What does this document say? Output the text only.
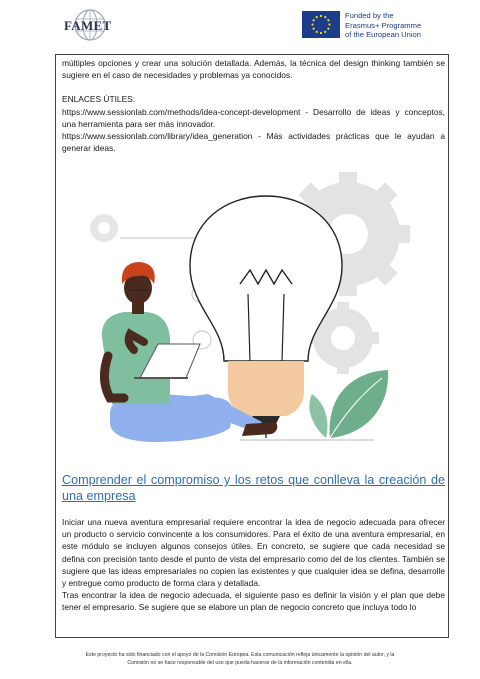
FAMET
Funded by the
Erasmus+ Programme
of the European Union

múltiples opciones y crear una solución detallada. Además, la técnica del design thinking también se sugiere en el caso de necesidades y problemas ya conocidos.

ENLACES ÚTILES:

https://www.sessionlab.com/methods/idea-concept-development - Desarrollo de ideas y conceptos, una herramienta para ser más innovador.

https://www.sessionlab.com/library/idea_generation - Más actividades prácticas que le ayudan a generar ideas.

Comprender el compromiso y los retos que conlleva la creación de una empresa

Iniciar una nueva aventura empresarial requiere encontrar la idea de negocio adecuada para ofrecer un producto o servicio convincente a los consumidores. Para el éxito de una aventura empresarial, en este módulo se incluyen algunos consejos útiles. En concreto, se sugiere que cada necesidad se defina con precisión tanto desde el punto de vista del empresario como del de los clientes. También se sugiere que las ideas empresariales no copien las existentes y que cualquier idea se defina, desarrolle y entregue como producto de forma clara y detallada.

Tras encontrar la idea de negocio adecuada, el siguiente paso es definir la visión y el plan que debe tener el empresario. Se sugiere que se elabore un plan de negocio concreto que incluya todo lo

Este proyecto ha sido financiado con el apoyo de la Comisión Europea. Esta comunicación refleja únicamente la opinión del autor, y la
Comisión no se hace responsable del uso que pueda hacerse de la información contenida en ella.
